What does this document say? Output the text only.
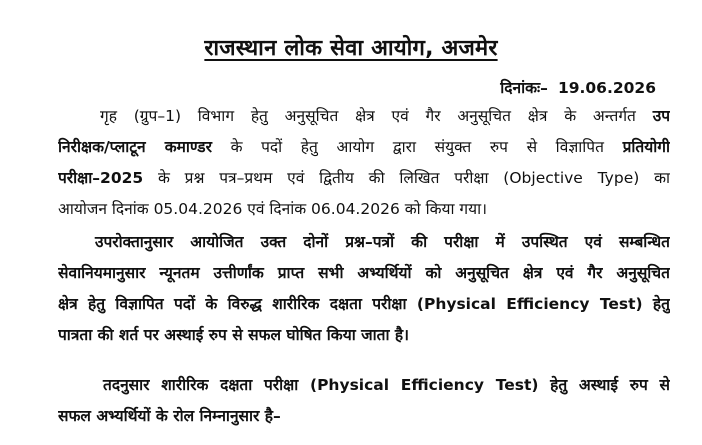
राजस्थान लोक सेवा आयोग, अजमेर
दिनांकः– 19.06.2026
गृह (ग्रुप–1) विभाग हेतु अनुसूचित क्षेत्र एवं गैर अनुसूचित क्षेत्र के अन्तर्गत उप
निरीक्षक/प्लाटून कमाण्डर के पदों हेतु आयोग द्वारा संयुक्त रुप से विज्ञापित प्रतियोगी
परीक्षा–2025 के प्रश्न पत्र–प्रथम एवं द्वितीय की लिखित परीक्षा (Objective Type) का
आयोजन दिनांक 05.04.2026 एवं दिनांक 06.04.2026 को किया गया।
उपरोक्तानुसार आयोजित उक्त दोनों प्रश्न–पत्रों की परीक्षा में उपस्थित एवं सम्बन्धित
सेवानियमानुसार न्यूनतम उत्तीर्णांक प्राप्त सभी अभ्यर्थियों को अनुसूचित क्षेत्र एवं गैर अनुसूचित
क्षेत्र हेतु विज्ञापित पदों के विरुद्ध शारीरिक दक्षता परीक्षा (Physical Efficiency Test) हेतु
पात्रता की शर्त पर अस्थाई रुप से सफल घोषित किया जाता है।
तदनुसार शारीरिक दक्षता परीक्षा (Physical Efficiency Test) हेतु अस्थाई रुप से
सफल अभ्यर्थियों के रोल निम्नानुसार है–
